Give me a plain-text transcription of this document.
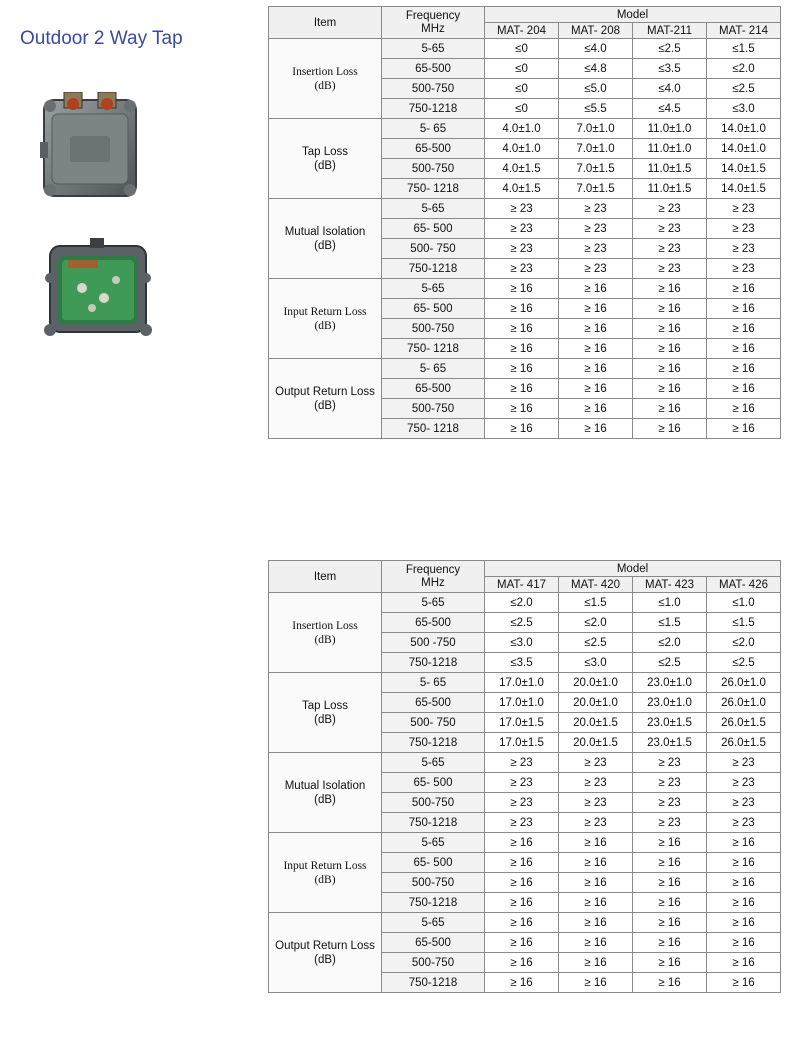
Outdoor 2 Way Tap
Item	Frequency
MHz	Model			
		MAT- 204	MAT- 208	MAT-211	MAT- 214
Insertion Loss
(dB)	5-65	≤0	≤4.0	≤2.5	≤1.5
	65-500	≤0	≤4.8	≤3.5	≤2.0
	500-750	≤0	≤5.0	≤4.0	≤2.5
	750-1218	≤0	≤5.5	≤4.5	≤3.0
Tap Loss
(dB)	5- 65	4.0±1.0	7.0±1.0	11.0±1.0	14.0±1.0
	65-500	4.0±1.0	7.0±1.0	11.0±1.0	14.0±1.0
	500-750	4.0±1.5	7.0±1.5	11.0±1.5	14.0±1.5
	750- 1218	4.0±1.5	7.0±1.5	11.0±1.5	14.0±1.5
Mutual Isolation
(dB)	5-65	≥ 23	≥ 23	≥ 23	≥ 23
	65- 500	≥ 23	≥ 23	≥ 23	≥ 23
	500- 750	≥ 23	≥ 23	≥ 23	≥ 23
	750-1218	≥ 23	≥ 23	≥ 23	≥ 23
Input Return Loss
(dB)	5-65	≥ 16	≥ 16	≥ 16	≥ 16
	65- 500	≥ 16	≥ 16	≥ 16	≥ 16
	500-750	≥ 16	≥ 16	≥ 16	≥ 16
	750- 1218	≥ 16	≥ 16	≥ 16	≥ 16
Output Return Loss
(dB)	5- 65	≥ 16	≥ 16	≥ 16	≥ 16
	65-500	≥ 16	≥ 16	≥ 16	≥ 16
	500-750	≥ 16	≥ 16	≥ 16	≥ 16
	750- 1218	≥ 16	≥ 16	≥ 16	≥ 16
Item	Frequency
MHz	Model			
		MAT- 417	MAT- 420	MAT- 423	MAT- 426
Insertion Loss
(dB)	5-65	≤2.0	≤1.5	≤1.0	≤1.0
	65-500	≤2.5	≤2.0	≤1.5	≤1.5
	500 -750	≤3.0	≤2.5	≤2.0	≤2.0
	750-1218	≤3.5	≤3.0	≤2.5	≤2.5
Tap Loss
(dB)	5- 65	17.0±1.0	20.0±1.0	23.0±1.0	26.0±1.0
	65-500	17.0±1.0	20.0±1.0	23.0±1.0	26.0±1.0
	500- 750	17.0±1.5	20.0±1.5	23.0±1.5	26.0±1.5
	750-1218	17.0±1.5	20.0±1.5	23.0±1.5	26.0±1.5
Mutual Isolation
(dB)	5-65	≥ 23	≥ 23	≥ 23	≥ 23
	65- 500	≥ 23	≥ 23	≥ 23	≥ 23
	500-750	≥ 23	≥ 23	≥ 23	≥ 23
	750-1218	≥ 23	≥ 23	≥ 23	≥ 23
Input Return Loss
(dB)	5-65	≥ 16	≥ 16	≥ 16	≥ 16
	65- 500	≥ 16	≥ 16	≥ 16	≥ 16
	500-750	≥ 16	≥ 16	≥ 16	≥ 16
	750-1218	≥ 16	≥ 16	≥ 16	≥ 16
Output Return Loss
(dB)	5-65	≥ 16	≥ 16	≥ 16	≥ 16
	65-500	≥ 16	≥ 16	≥ 16	≥ 16
	500-750	≥ 16	≥ 16	≥ 16	≥ 16
	750-1218	≥ 16	≥ 16	≥ 16	≥ 16
